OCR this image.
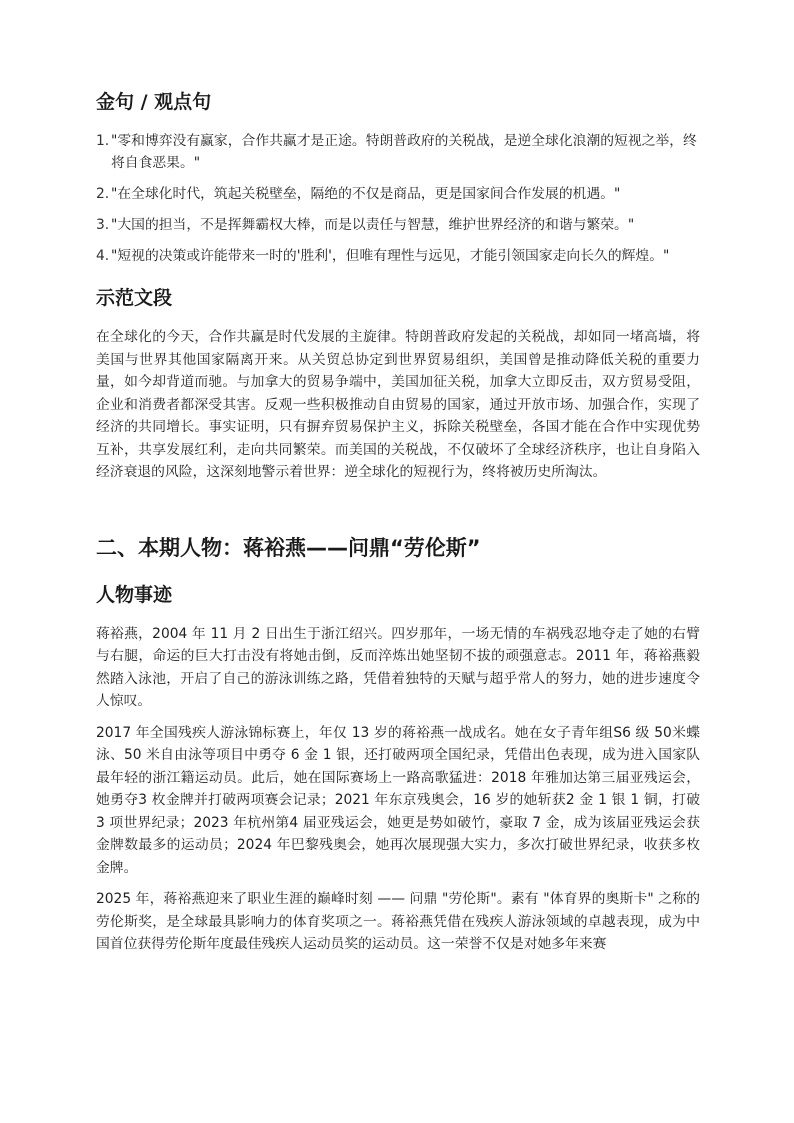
金句 / 观点句
1. "零和博弈没有赢家，合作共赢才是正途。特朗普政府的关税战，是逆全球化浪潮的短视之举，终将自食恶果。"
2. "在全球化时代，筑起关税壁垒，隔绝的不仅是商品，更是国家间合作发展的机遇。"
3. "大国的担当，不是挥舞霸权大棒，而是以责任与智慧，维护世界经济的和谐与繁荣。"
4. "短视的决策或许能带来一时的'胜利'，但唯有理性与远见，才能引领国家走向长久的辉煌。"
示范文段

在全球化的今天，合作共赢是时代发展的主旋律。特朗普政府发起的关税战，却如同一堵高墙，将美国与世界其他国家隔离开来。从关贸总协定到世界贸易组织，美国曾是推动降低关税的重要力量，如今却背道而驰。与加拿大的贸易争端中，美国加征关税，加拿大立即反击，双方贸易受阻，企业和消费者都深受其害。反观一些积极推动自由贸易的国家，通过开放市场、加强合作，实现了经济的共同增长。事实证明，只有摒弃贸易保护主义，拆除关税壁垒，各国才能在合作中实现优势互补，共享发展红利，走向共同繁荣。而美国的关税战，不仅破坏了全球经济秩序，也让自身陷入经济衰退的风险，这深刻地警示着世界：逆全球化的短视行为，终将被历史所淘汰。

二、本期人物：蒋裕燕——问鼎“劳伦斯”
人物事迹

蒋裕燕，2004 年 11 月 2 日出生于浙江绍兴。四岁那年，一场无情的车祸残忍地夺走了她的右臂与右腿，命运的巨大打击没有将她击倒，反而淬炼出她坚韧不拔的顽强意志。2011 年，蒋裕燕毅然踏入泳池，开启了自己的游泳训练之路，凭借着独特的天赋与超乎常人的努力，她的进步速度令人惊叹。

2017 年全国残疾人游泳锦标赛上，年仅 13 岁的蒋裕燕一战成名。她在女子青年组S6 级 50米蝶泳、50 米自由泳等项目中勇夺 6 金 1 银，还打破两项全国纪录，凭借出色表现，成为进入国家队最年轻的浙江籍运动员。此后，她在国际赛场上一路高歌猛进：2018 年雅加达第三届亚残运会，她勇夺3 枚金牌并打破两项赛会记录；2021 年东京残奥会，16 岁的她斩获2 金 1 银 1 铜，打破 3 项世界纪录；2023 年杭州第4 届亚残运会，她更是势如破竹，豪取 7 金，成为该届亚残运会获金牌数最多的运动员；2024 年巴黎残奥会，她再次展现强大实力，多次打破世界纪录，收获多枚金牌。

2025 年，蒋裕燕迎来了职业生涯的巅峰时刻 —— 问鼎 "劳伦斯"。素有 "体育界的奥斯卡" 之称的劳伦斯奖，是全球最具影响力的体育奖项之一。蒋裕燕凭借在残疾人游泳领域的卓越表现，成为中国首位获得劳伦斯年度最佳残疾人运动员奖的运动员。这一荣誉不仅是对她多年来赛
